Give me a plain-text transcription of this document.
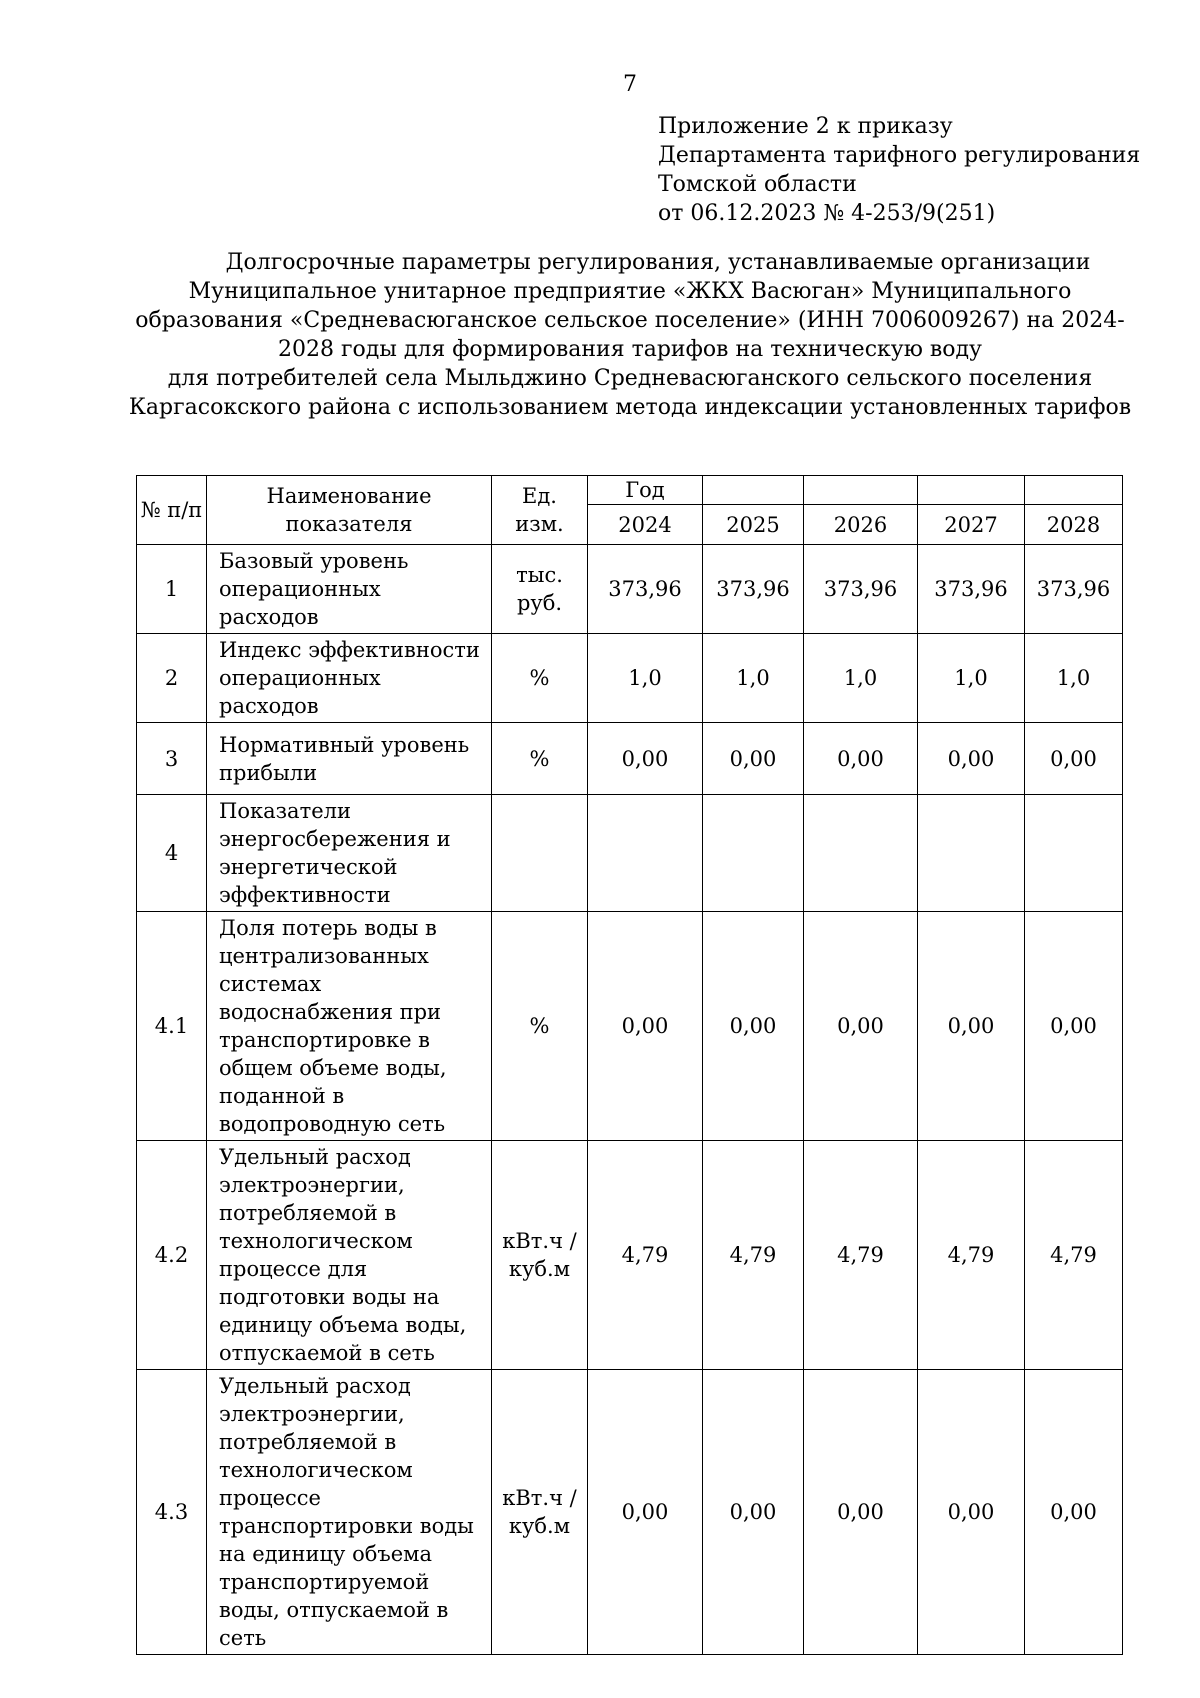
7
Приложение 2 к приказу
Департамента тарифного регулирования
Томской области
от 06.12.2023 № 4-253/9(251)
Долгосрочные параметры регулирования, устанавливаемые организации
Муниципальное унитарное предприятие «ЖКХ Васюган» Муниципального
образования «Средневасюганское сельское поселение» (ИНН 7006009267) на 2024-
2028 годы для формирования тарифов на техническую воду
для потребителей села Мыльджино Средневасюганского сельского поселения
Каргасокского района с использованием метода индексации установленных тарифов
№ п/п	Наименование показателя	Ед. изм.	Год				
			2024	2025	2026	2027	2028
1	Базовый уровень операционных расходов	тыс. руб.	373,96	373,96	373,96	373,96	373,96
2	Индекс эффективности операционных расходов	%	1,0	1,0	1,0	1,0	1,0
3	Нормативный уровень прибыли	%	0,00	0,00	0,00	0,00	0,00
4	Показатели энергосбережения и энергетической эффективности						
4.1	Доля потерь воды в централизованных системах водоснабжения при транспортировке в общем объеме воды, поданной в водопроводную сеть	%	0,00	0,00	0,00	0,00	0,00
4.2	Удельный расход электроэнергии, потребляемой в технологическом процессе для подготовки воды на единицу объема воды, отпускаемой в сеть	кВт.ч / куб.м	4,79	4,79	4,79	4,79	4,79
4.3	Удельный расход электроэнергии, потребляемой в технологическом процессе транспортировки воды на единицу объема транспортируемой воды, отпускаемой в сеть	кВт.ч / куб.м	0,00	0,00	0,00	0,00	0,00
